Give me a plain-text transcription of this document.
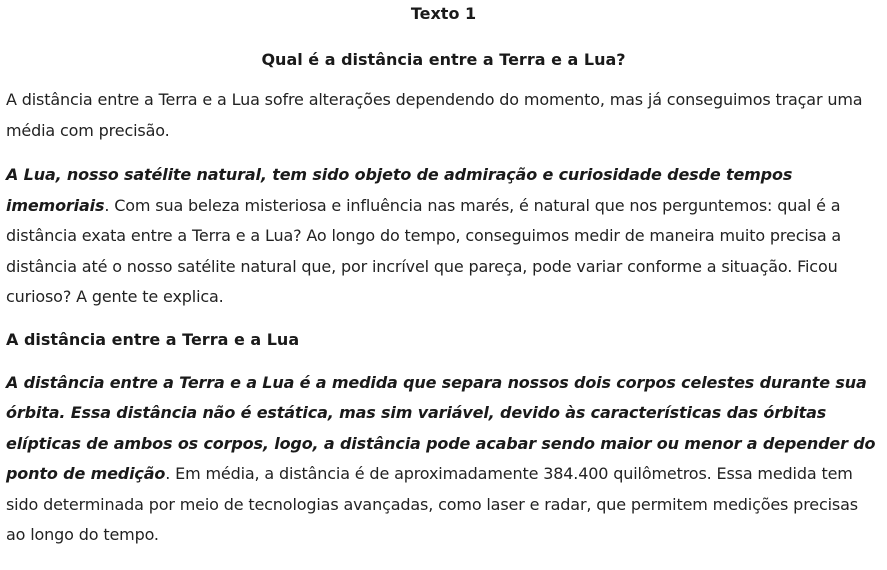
Texto 1
Qual é a distância entre a Terra e a Lua?

A distância entre a Terra e a Lua sofre alterações dependendo do momento, mas já conseguimos traçar uma média com precisão.

A Lua, nosso satélite natural, tem sido objeto de admiração e curiosidade desde tempos imemoriais. Com sua beleza misteriosa e influência nas marés, é natural que nos perguntemos: qual é a distância exata entre a Terra e a Lua? Ao longo do tempo, conseguimos medir de maneira muito precisa a distância até o nosso satélite natural que, por incrível que pareça, pode variar conforme a situação. Ficou curioso? A gente te explica.

A distância entre a Terra e a Lua

A distância entre a Terra e a Lua é a medida que separa nossos dois corpos celestes durante sua órbita. Essa distância não é estática, mas sim variável, devido às características das órbitas elípticas de ambos os corpos, logo, a distância pode acabar sendo maior ou menor a depender do ponto de medição. Em média, a distância é de aproximadamente 384.400 quilômetros. Essa medida tem sido determinada por meio de tecnologias avançadas, como laser e radar, que permitem medições precisas ao longo do tempo.
